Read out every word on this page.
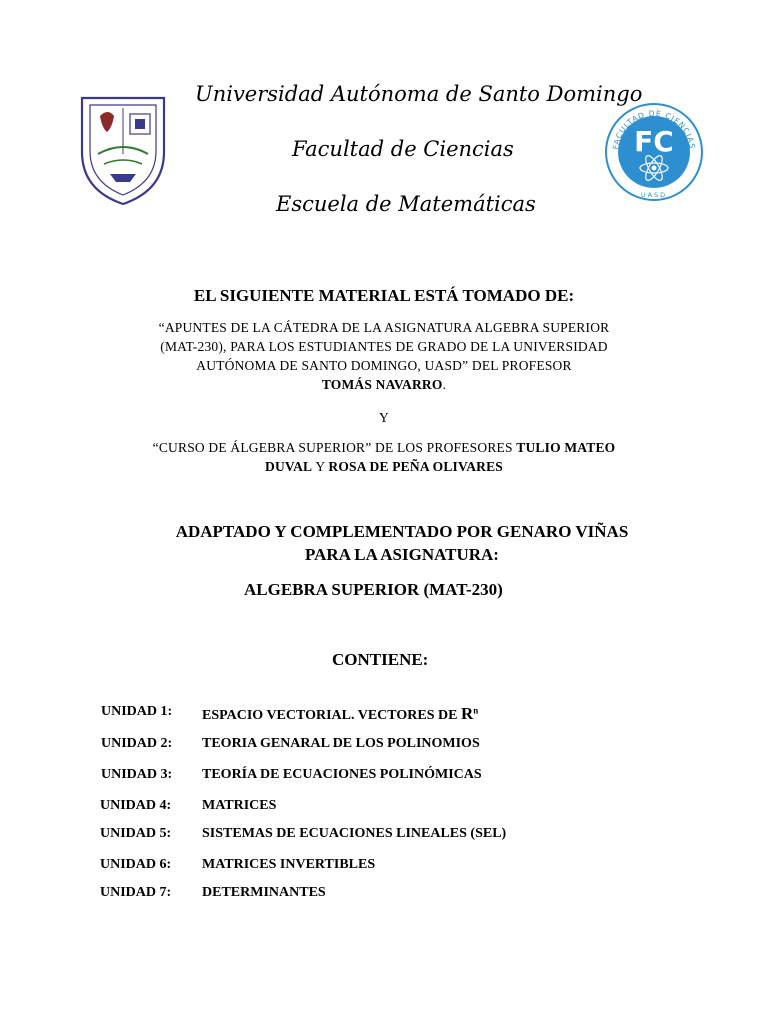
FACULTAD DE CIENCIAS
FC
UASD
Universidad Autónoma de Santo Domingo
Facultad de Ciencias
Escuela de Matemáticas
EL SIGUIENTE MATERIAL ESTÁ TOMADO DE:
“APUNTES DE LA CÁTEDRA DE LA ASIGNATURA ALGEBRA SUPERIOR
(MAT-230), PARA LOS ESTUDIANTES DE GRADO DE LA UNIVERSIDAD
AUTÓNOMA DE SANTO DOMINGO, UASD” DEL PROFESOR
TOMÁS NAVARRO.
Y
“CURSO DE ÁLGEBRA SUPERIOR” DE LOS PROFESORES TULIO MATEO
DUVAL Y ROSA DE PEÑA OLIVARES
ADAPTADO Y COMPLEMENTADO POR GENARO VIÑAS
PARA LA ASIGNATURA:
ALGEBRA SUPERIOR (MAT-230)
CONTIENE:
UNIDAD 1: ESPACIO VECTORIAL. VECTORES DE $R^n$
UNIDAD 2: TEORIA GENARAL DE LOS POLINOMIOS
UNIDAD 3: TEORÍA DE ECUACIONES POLINÓMICAS
UNIDAD 4: MATRICES
UNIDAD 5: SISTEMAS DE ECUACIONES LINEALES (SEL)
UNIDAD 6: MATRICES INVERTIBLES
UNIDAD 7: DETERMINANTES
